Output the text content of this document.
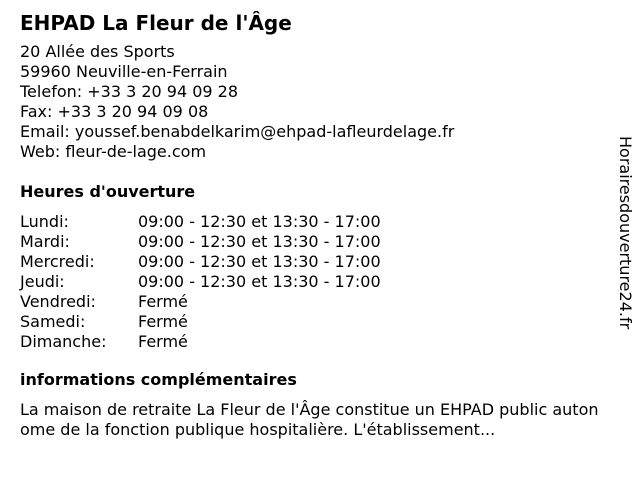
EHPAD La Fleur de l'Âge
20 Allée des Sports
59960 Neuville-en-Ferrain
Telefon: +33 3 20 94 09 28
Fax: +33 3 20 94 09 08
Email: youssef.benabdelkarim@ehpad-lafleurdelage.fr
Web: fleur-de-lage.com
Heures d'ouverture
Lundi:	09:00 - 12:30 et 13:30 - 17:00
Mardi:	09:00 - 12:30 et 13:30 - 17:00
Mercredi:	09:00 - 12:30 et 13:30 - 17:00
Jeudi:	09:00 - 12:30 et 13:30 - 17:00
Vendredi:	Fermé
Samedi:	Fermé
Dimanche:	Fermé
informations complémentaires
La maison de retraite La Fleur de l'Âge constitue un EHPAD public autonome de la fonction publique hospitalière. L'établissement...
Horairesdouverture24.fr
